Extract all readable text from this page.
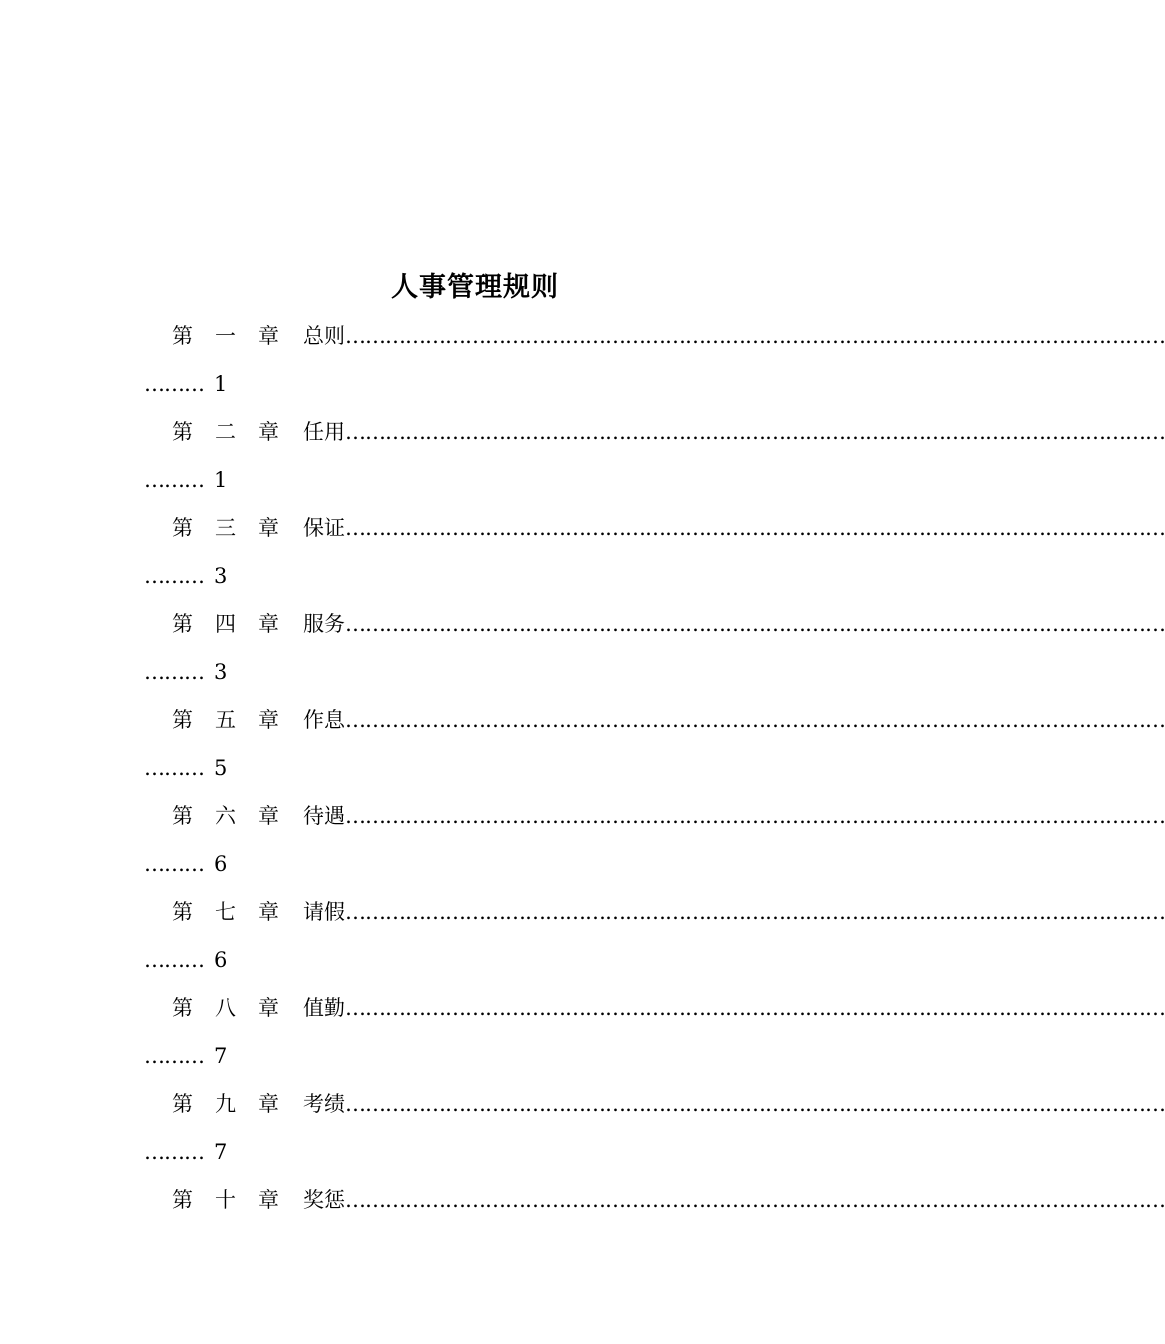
人事管理规则
第 一 章 总则 ……………………………………………………………………………………………………………
……… 1
第 二 章 任用 ……………………………………………………………………………………………………………
……… 1
第 三 章 保证 ……………………………………………………………………………………………………………
……… 3
第 四 章 服务 ……………………………………………………………………………………………………………
……… 3
第 五 章 作息 ……………………………………………………………………………………………………………
……… 5
第 六 章 待遇 ……………………………………………………………………………………………………………
……… 6
第 七 章 请假 ……………………………………………………………………………………………………………
……… 6
第 八 章 值勤 ……………………………………………………………………………………………………………
……… 7
第 九 章 考绩 ……………………………………………………………………………………………………………
……… 7
第 十 章 奖惩 ……………………………………………………………………………………………………………
